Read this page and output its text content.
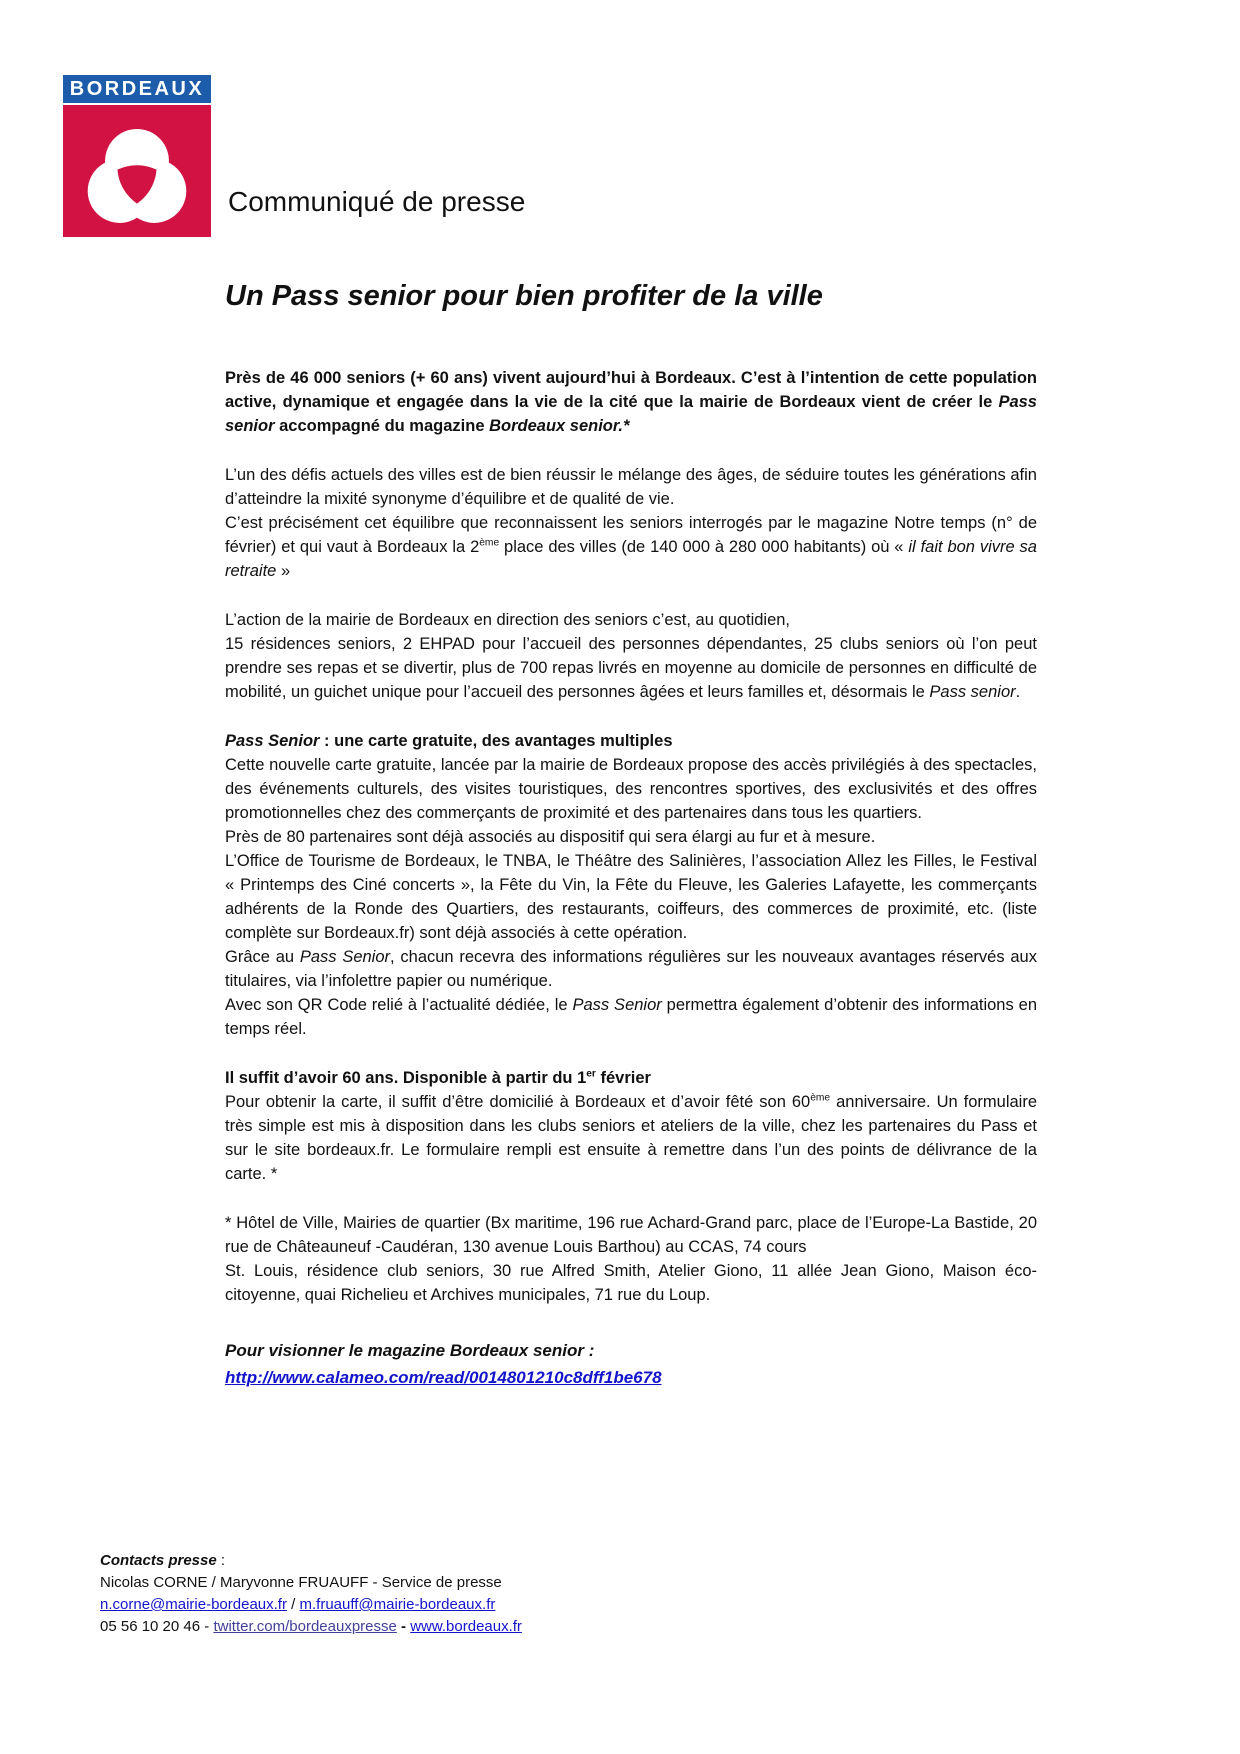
BORDEAUX
Communiqué de presse
Un Pass senior pour bien profiter de la ville

Près de 46 000 seniors (+ 60 ans) vivent aujourd’hui à Bordeaux. C’est à l’intention de cette population active, dynamique et engagée dans la vie de la cité que la mairie de Bordeaux vient de créer le Pass senior accompagné du magazine Bordeaux senior.*

L’un des défis actuels des villes est de bien réussir le mélange des âges, de séduire toutes les générations afin d’atteindre la mixité synonyme d’équilibre et de qualité de vie.
C’est précisément cet équilibre que reconnaissent les seniors interrogés par le magazine Notre temps (n° de février) et qui vaut à Bordeaux la 2ème place des villes (de 140 000 à 280 000 habitants) où « il fait bon vivre sa retraite »

L’action de la mairie de Bordeaux en direction des seniors c’est, au quotidien,
15 résidences seniors, 2 EHPAD pour l’accueil des personnes dépendantes, 25 clubs seniors où l’on peut prendre ses repas et se divertir, plus de 700 repas livrés en moyenne au domicile de personnes en difficulté de mobilité, un guichet unique pour l’accueil des personnes âgées et leurs familles et, désormais le Pass senior.

Pass Senior : une carte gratuite, des avantages multiples

Cette nouvelle carte gratuite, lancée par la mairie de Bordeaux propose des accès privilégiés à des spectacles, des événements culturels, des visites touristiques, des rencontres sportives, des exclusivités et des offres promotionnelles chez des commerçants de proximité et des partenaires dans tous les quartiers.
Près de 80 partenaires sont déjà associés au dispositif qui sera élargi au fur et à mesure.
L’Office de Tourisme de Bordeaux, le TNBA, le Théâtre des Salinières, l’association Allez les Filles, le Festival « Printemps des Ciné concerts », la Fête du Vin, la Fête du Fleuve, les Galeries Lafayette, les commerçants adhérents de la Ronde des Quartiers, des restaurants, coiffeurs, des commerces de proximité, etc. (liste complète sur Bordeaux.fr) sont déjà associés à cette opération.
Grâce au Pass Senior, chacun recevra des informations régulières sur les nouveaux avantages réservés aux titulaires, via l’infolettre papier ou numérique.
Avec son QR Code relié à l’actualité dédiée, le Pass Senior permettra également d’obtenir des informations en temps réel.

Il suffit d’avoir 60 ans. Disponible à partir du 1er février

Pour obtenir la carte, il suffit d’être domicilié à Bordeaux et d’avoir fêté son 60ème anniversaire. Un formulaire très simple est mis à disposition dans les clubs seniors et ateliers de la ville, chez les partenaires du Pass et sur le site bordeaux.fr. Le formulaire rempli est ensuite à remettre dans l’un des points de délivrance de la carte. *

* Hôtel de Ville, Mairies de quartier (Bx maritime, 196 rue Achard-Grand parc, place de l’Europe-La Bastide, 20 rue de Châteauneuf -Caudéran, 130 avenue Louis Barthou) au CCAS, 74 cours
St. Louis, résidence club seniors, 30 rue Alfred Smith, Atelier Giono, 11 allée Jean Giono, Maison éco-citoyenne, quai Richelieu et Archives municipales, 71 rue du Loup.

Pour visionner le magazine Bordeaux senior :
http://www.calameo.com/read/0014801210c8dff1be678

Contacts presse :
Nicolas CORNE / Maryvonne FRUAUFF - Service de presse
n.corne@mairie-bordeaux.fr / m.fruauff@mairie-bordeaux.fr
05 56 10 20 46 - twitter.com/bordeauxpresse - www.bordeaux.fr
